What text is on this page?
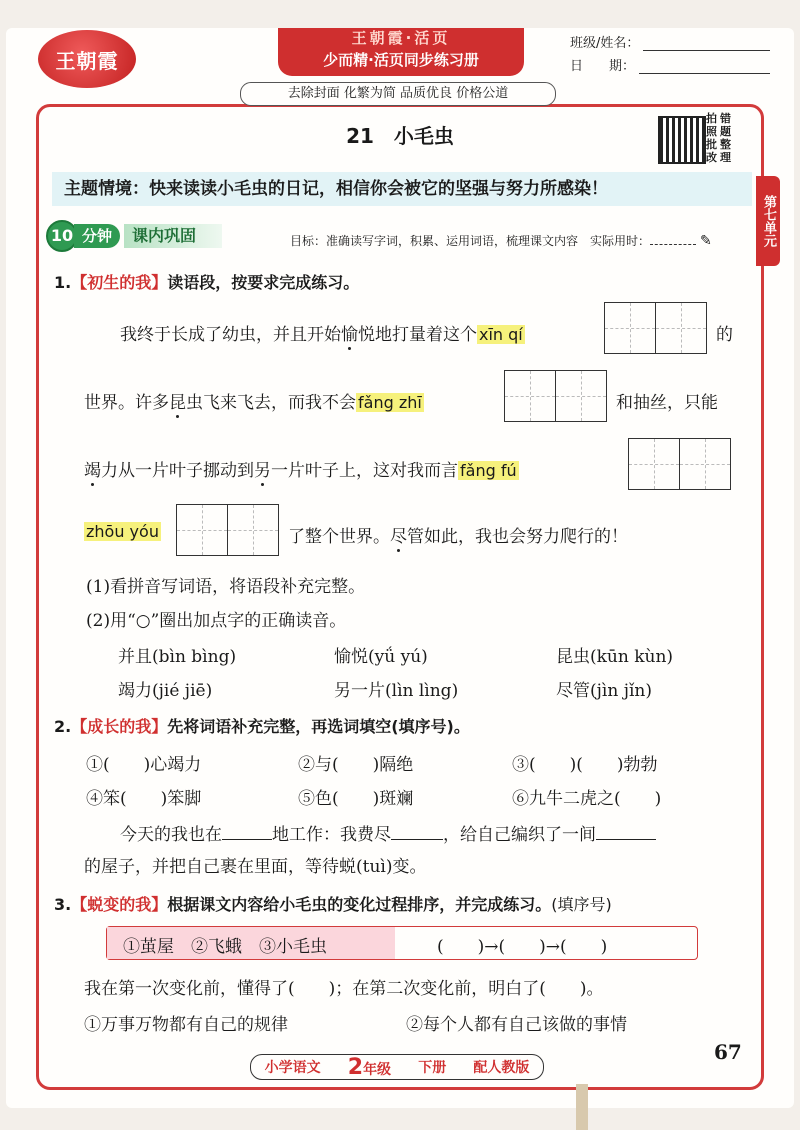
王朝霞
王朝霞·活页
少而精·活页同步练习册
班级/姓名：
日　　期：
去除封面 化繁为简 品质优良 价格公道
21　 小毛虫
拍照批改
错题整理
主题情境：快来读读小毛虫的日记，相信你会被它的坚强与努力所感染！
第七单元
10 分钟	课内巩固	目标：准确读写字词，积累、运用词语，梳理课文内容　实际用时：	✎
1.【初生的我】读语段，按要求完成练习。
我终于长成了幼虫，并且开始愉悦地打量着这个 xīn qí	的
世界。许多昆虫飞来飞去，而我不会 fǎng zhī	和抽丝，只能
竭力从一片叶子挪动到另一片叶子上，这对我而言 fǎng fú
zhōu yóu	了整个世界。尽管如此，我也会努力爬行的！
(1)看拼音写词语，将语段补充完整。
(2)用“○”圈出加点字的正确读音。
并且(bìn bìng)	愉悦(yǘ yú)	昆虫(kūn kùn)
竭力(jié jiē)	另一片(lìn lìng)	尽管(jìn jǐn)
2.【成长的我】先将词语补充完整，再选词填空(填序号)。
①(　　)心竭力	②与(　　)隔绝	③(　　)(　　)勃勃
④笨(　　)笨脚	⑤色(　　)斑斓	⑥九牛二虎之(　　)
今天的我也在	地工作：我费尽	，给自己编织了一间
的屋子，并把自己裹在里面，等待蜕(tuì)变。
3.【蜕变的我】根据课文内容给小毛虫的变化过程排序，并完成练习。(填序号)
①茧屋　②飞蛾　③小毛虫	(　　)→(　　)→(　　)
我在第一次变化前，懂得了(　　)；在第二次变化前，明白了(　　)。
①万事万物都有自己的规律	②每个人都有自己该做的事情
67
小学语文 2年级 下册 配人教版
